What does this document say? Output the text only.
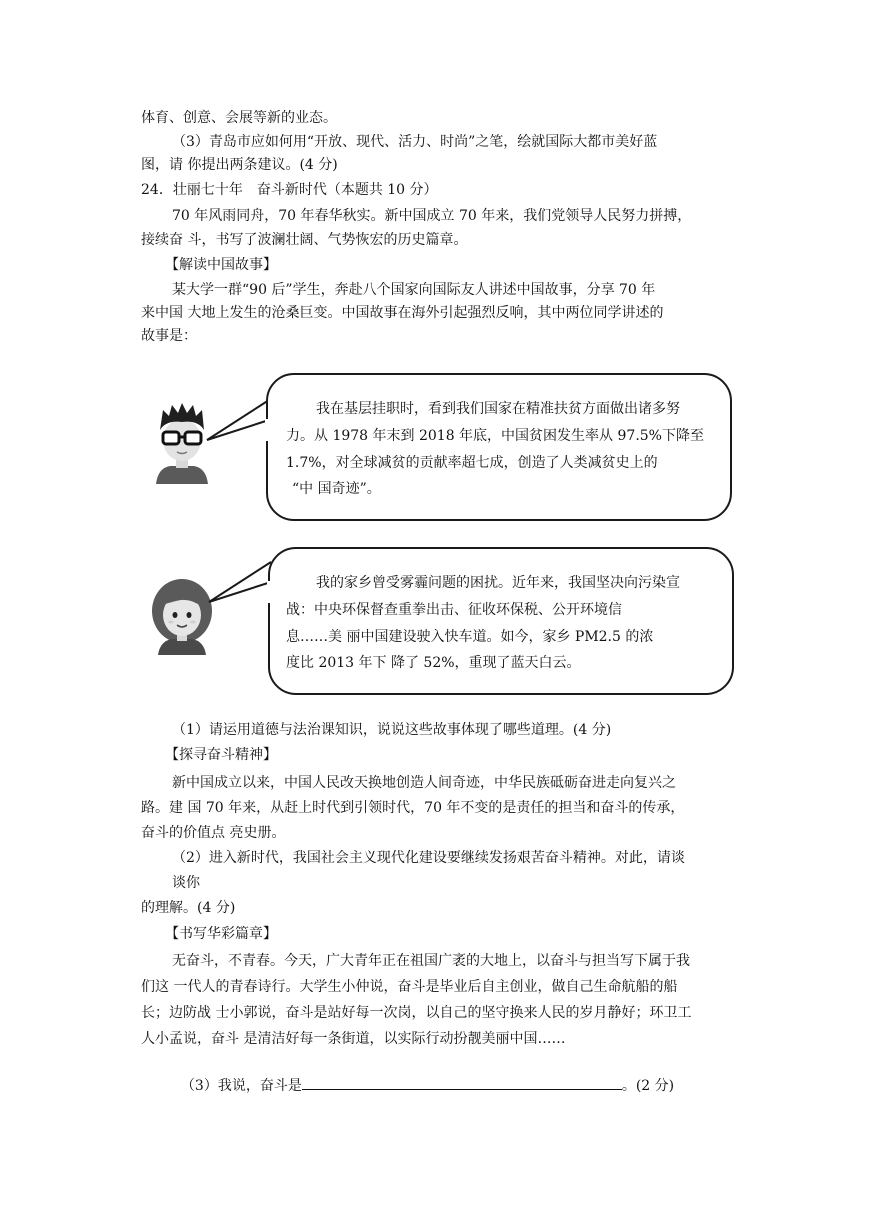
体育、创意、会展等新的业态。
（3）青岛市应如何用“开放、现代、活力、时尚”之笔，绘就国际大都市美好蓝
图，请 你提出两条建议。(4 分)
24．壮丽七十年　奋斗新时代（本题共 10 分）
70 年风雨同舟，70 年春华秋实。新中国成立 70 年来，我们党领导人民努力拼搏，
接续奋 斗，书写了波澜壮阔、气势恢宏的历史篇章。
【解读中国故事】
某大学一群“90 后”学生，奔赴八个国家向国际友人讲述中国故事，分享 70 年
来中国 大地上发生的沧桑巨变。中国故事在海外引起强烈反响，其中两位同学讲述的
故事是：
我在基层挂职时，看到我们国家在精准扶贫方面做出诸多努
力。从 1978 年末到 2018 年底，中国贫困发生率从 97.5%下降至
1.7%，对全球减贫的贡献率超七成，创造了人类减贫史上的
“中 国奇迹”。
我的家乡曾受雾霾问题的困扰。近年来，我国坚决向污染宣
战：中央环保督查重拳出击、征收环保税、公开环境信
息……美 丽中国建设驶入快车道。如今，家乡 PM2.5 的浓
度比 2013 年下 降了 52%，重现了蓝天白云。
（1）请运用道德与法治课知识，说说这些故事体现了哪些道理。(4 分)
【探寻奋斗精神】
新中国成立以来，中国人民改天换地创造人间奇迹，中华民族砥砺奋进走向复兴之
路。建 国 70 年来，从赶上时代到引领时代，70 年不变的是责任的担当和奋斗的传承，
奋斗的价值点 亮史册。
（2）进入新时代，我国社会主义现代化建设要继续发扬艰苦奋斗精神。对此，请谈
谈你
的理解。(4 分)
【书写华彩篇章】
无奋斗，不青春。今天，广大青年正在祖国广袤的大地上，以奋斗与担当写下属于我
们这 一代人的青春诗行。大学生小仲说，奋斗是毕业后自主创业，做自己生命航船的船
长；边防战 士小郭说，奋斗是站好每一次岗，以自己的坚守换来人民的岁月静好；环卫工
人小孟说，奋斗 是清洁好每一条街道，以实际行动扮靓美丽中国……

（3）我说，奋斗是	。(2 分)
